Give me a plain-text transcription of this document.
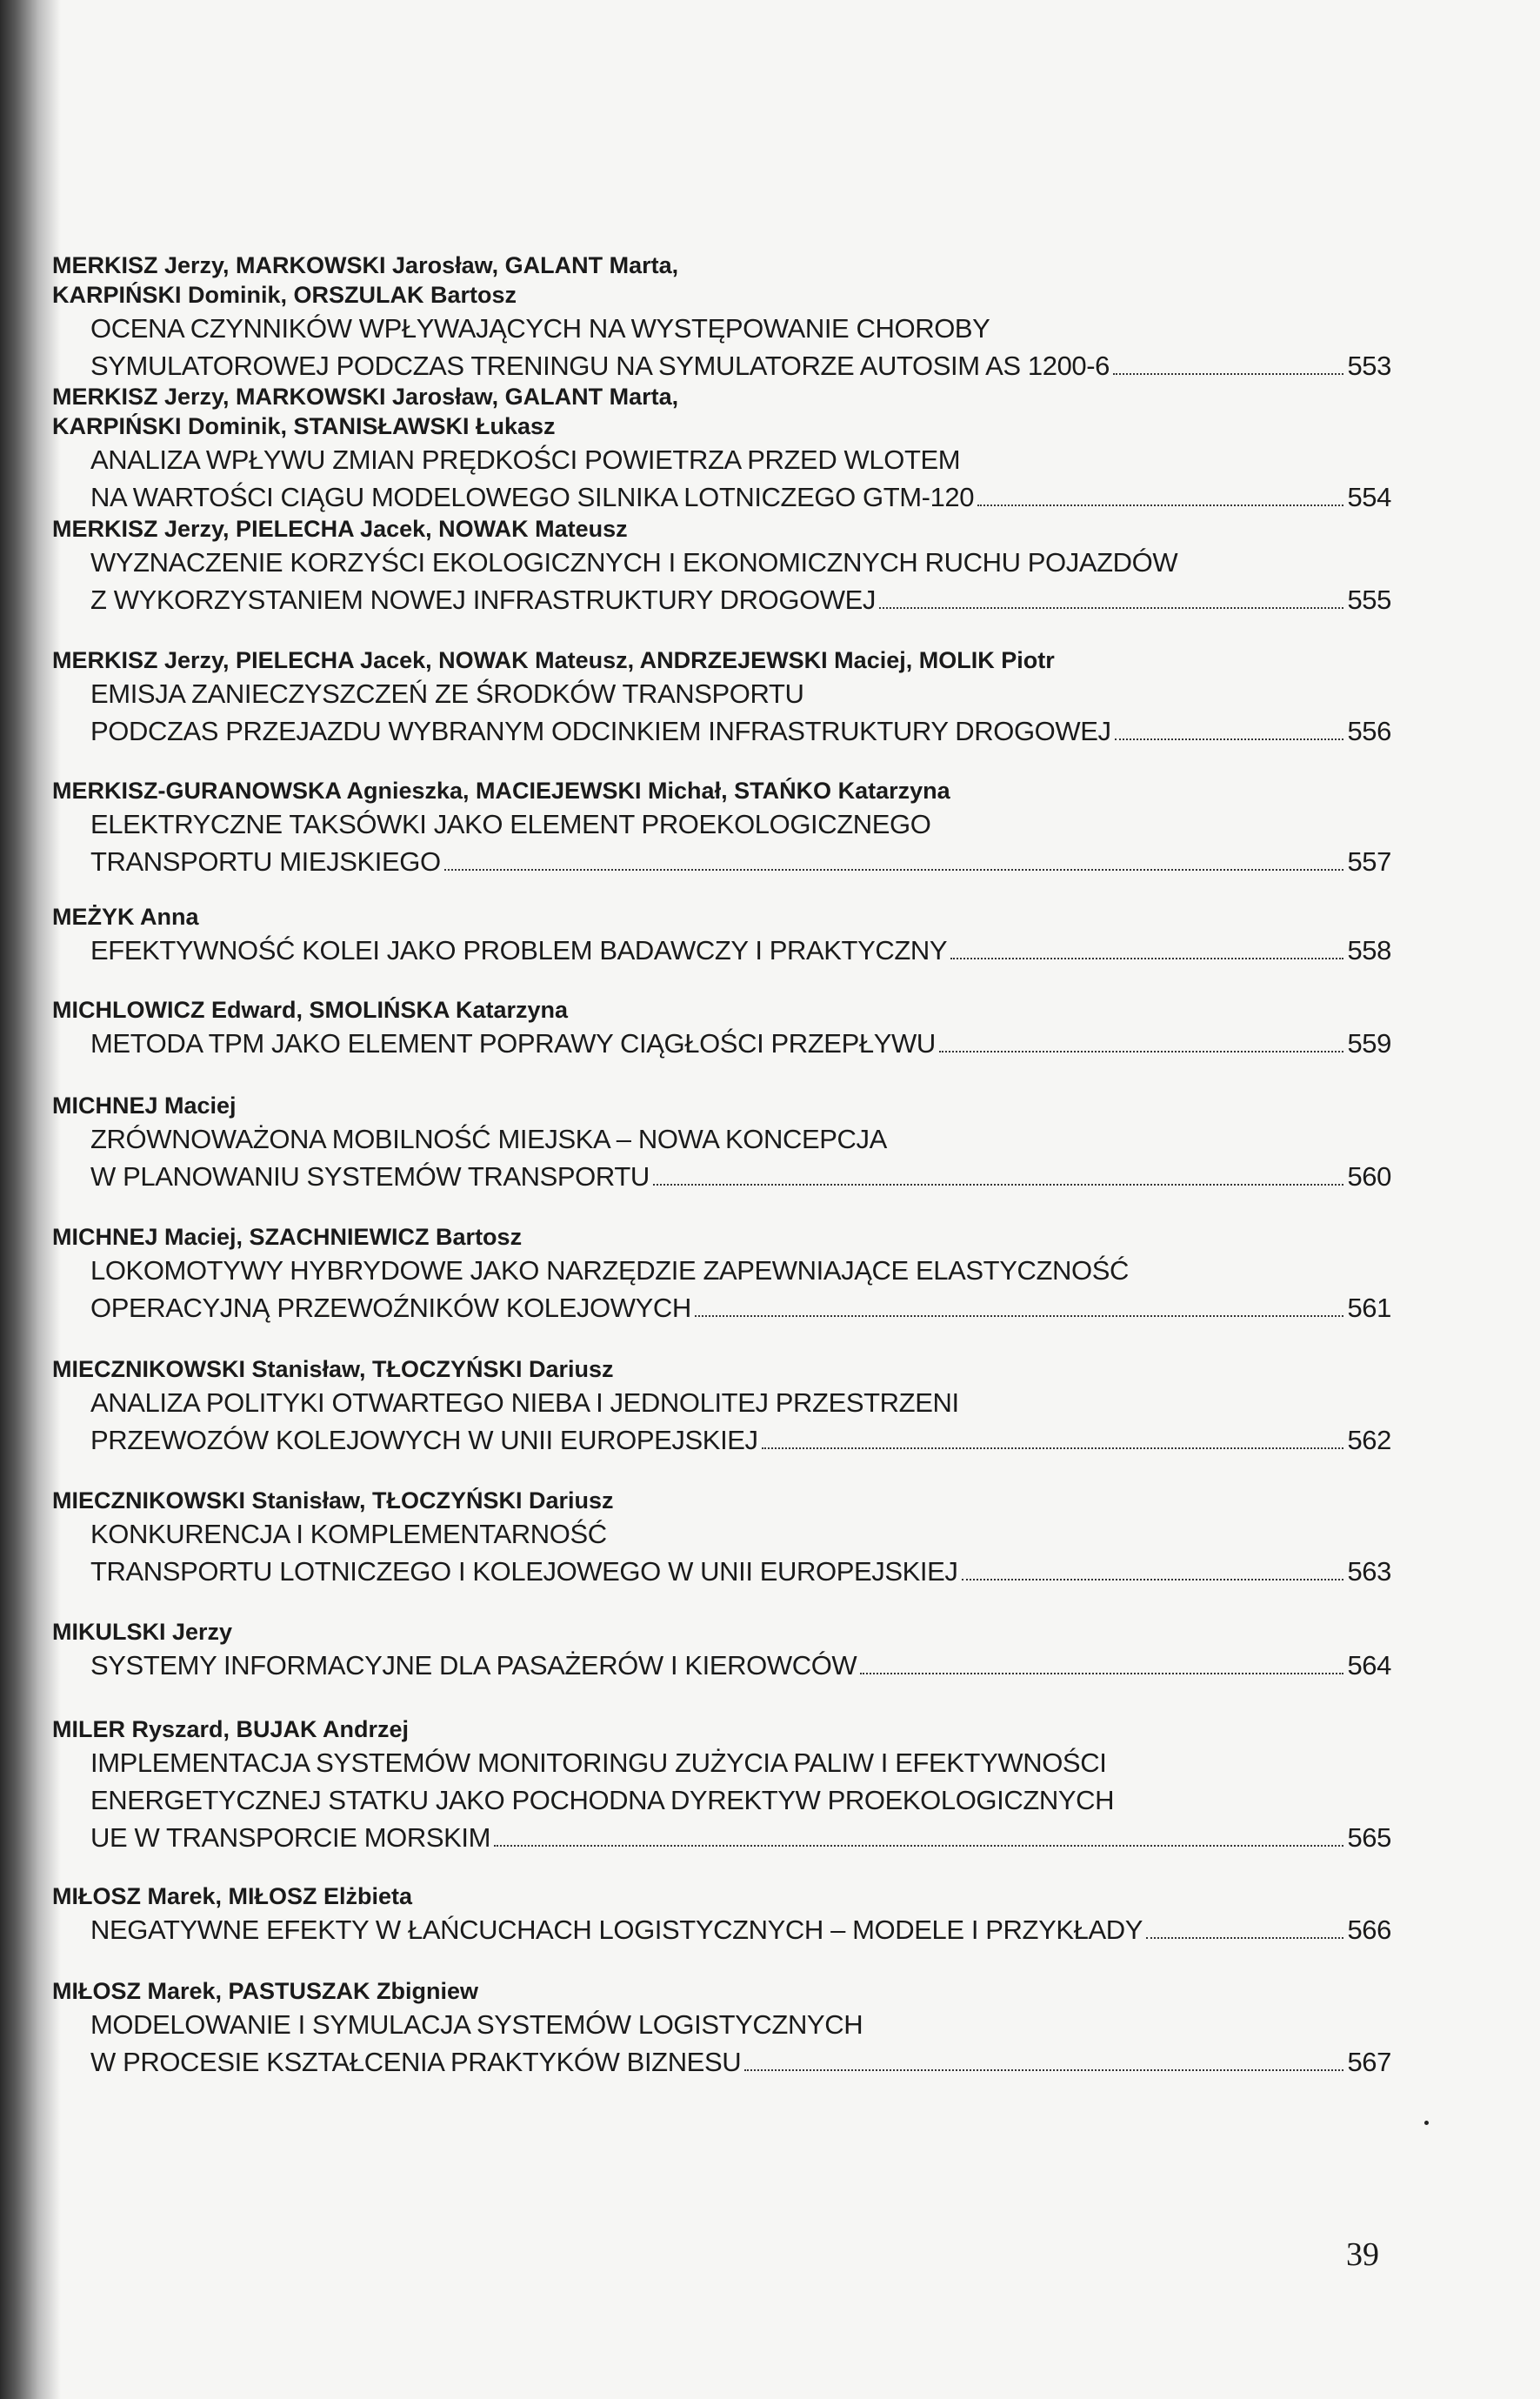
MERKISZ Jerzy, MARKOWSKI Jarosław, GALANT Marta,
KARPIŃSKI Dominik, ORSZULAK Bartosz
OCENA CZYNNIKÓW WPŁYWAJĄCYCH NA WYSTĘPOWANIE CHOROBY
SYMULATOROWEJ PODCZAS TRENINGU NA SYMULATORZE AUTOSIM AS 1200-6	553
MERKISZ Jerzy, MARKOWSKI Jarosław, GALANT Marta,
KARPIŃSKI Dominik, STANISŁAWSKI Łukasz
ANALIZA WPŁYWU ZMIAN PRĘDKOŚCI POWIETRZA PRZED WLOTEM
NA WARTOŚCI CIĄGU MODELOWEGO SILNIKA LOTNICZEGO GTM-120	554
MERKISZ Jerzy, PIELECHA Jacek, NOWAK Mateusz
WYZNACZENIE KORZYŚCI EKOLOGICZNYCH I EKONOMICZNYCH RUCHU POJAZDÓW
Z WYKORZYSTANIEM NOWEJ INFRASTRUKTURY DROGOWEJ	555
MERKISZ Jerzy, PIELECHA Jacek, NOWAK Mateusz, ANDRZEJEWSKI Maciej, MOLIK Piotr
EMISJA ZANIECZYSZCZEŃ ZE ŚRODKÓW TRANSPORTU
PODCZAS PRZEJAZDU WYBRANYM ODCINKIEM INFRASTRUKTURY DROGOWEJ	556
MERKISZ-GURANOWSKA Agnieszka, MACIEJEWSKI Michał, STAŃKO Katarzyna
ELEKTRYCZNE TAKSÓWKI JAKO ELEMENT PROEKOLOGICZNEGO
TRANSPORTU MIEJSKIEGO	557
MEŻYK Anna
EFEKTYWNOŚĆ KOLEI JAKO PROBLEM BADAWCZY I PRAKTYCZNY	558
MICHLOWICZ Edward, SMOLIŃSKA Katarzyna
METODA TPM JAKO ELEMENT POPRAWY CIĄGŁOŚCI PRZEPŁYWU	559
MICHNEJ Maciej
ZRÓWNOWAŻONA MOBILNOŚĆ MIEJSKA – NOWA KONCEPCJA
W PLANOWANIU SYSTEMÓW TRANSPORTU	560
MICHNEJ Maciej, SZACHNIEWICZ Bartosz
LOKOMOTYWY HYBRYDOWE JAKO NARZĘDZIE ZAPEWNIAJĄCE ELASTYCZNOŚĆ
OPERACYJNĄ PRZEWOŹNIKÓW KOLEJOWYCH	561
MIECZNIKOWSKI Stanisław, TŁOCZYŃSKI Dariusz
ANALIZA POLITYKI OTWARTEGO NIEBA I JEDNOLITEJ PRZESTRZENI
PRZEWOZÓW KOLEJOWYCH W UNII EUROPEJSKIEJ	562
MIECZNIKOWSKI Stanisław, TŁOCZYŃSKI Dariusz
KONKURENCJA I KOMPLEMENTARNOŚĆ
TRANSPORTU LOTNICZEGO I KOLEJOWEGO W UNII EUROPEJSKIEJ	563
MIKULSKI Jerzy
SYSTEMY INFORMACYJNE DLA PASAŻERÓW I KIEROWCÓW	564
MILER Ryszard, BUJAK Andrzej
IMPLEMENTACJA SYSTEMÓW MONITORINGU ZUŻYCIA PALIW I EFEKTYWNOŚCI
ENERGETYCZNEJ STATKU JAKO POCHODNA DYREKTYW PROEKOLOGICZNYCH
UE W TRANSPORCIE MORSKIM	565
MIŁOSZ Marek, MIŁOSZ Elżbieta
NEGATYWNE EFEKTY W ŁAŃCUCHACH LOGISTYCZNYCH – MODELE I PRZYKŁADY	566
MIŁOSZ Marek, PASTUSZAK Zbigniew
MODELOWANIE I SYMULACJA SYSTEMÓW LOGISTYCZNYCH
W PROCESIE KSZTAŁCENIA PRAKTYKÓW BIZNESU	567
39
